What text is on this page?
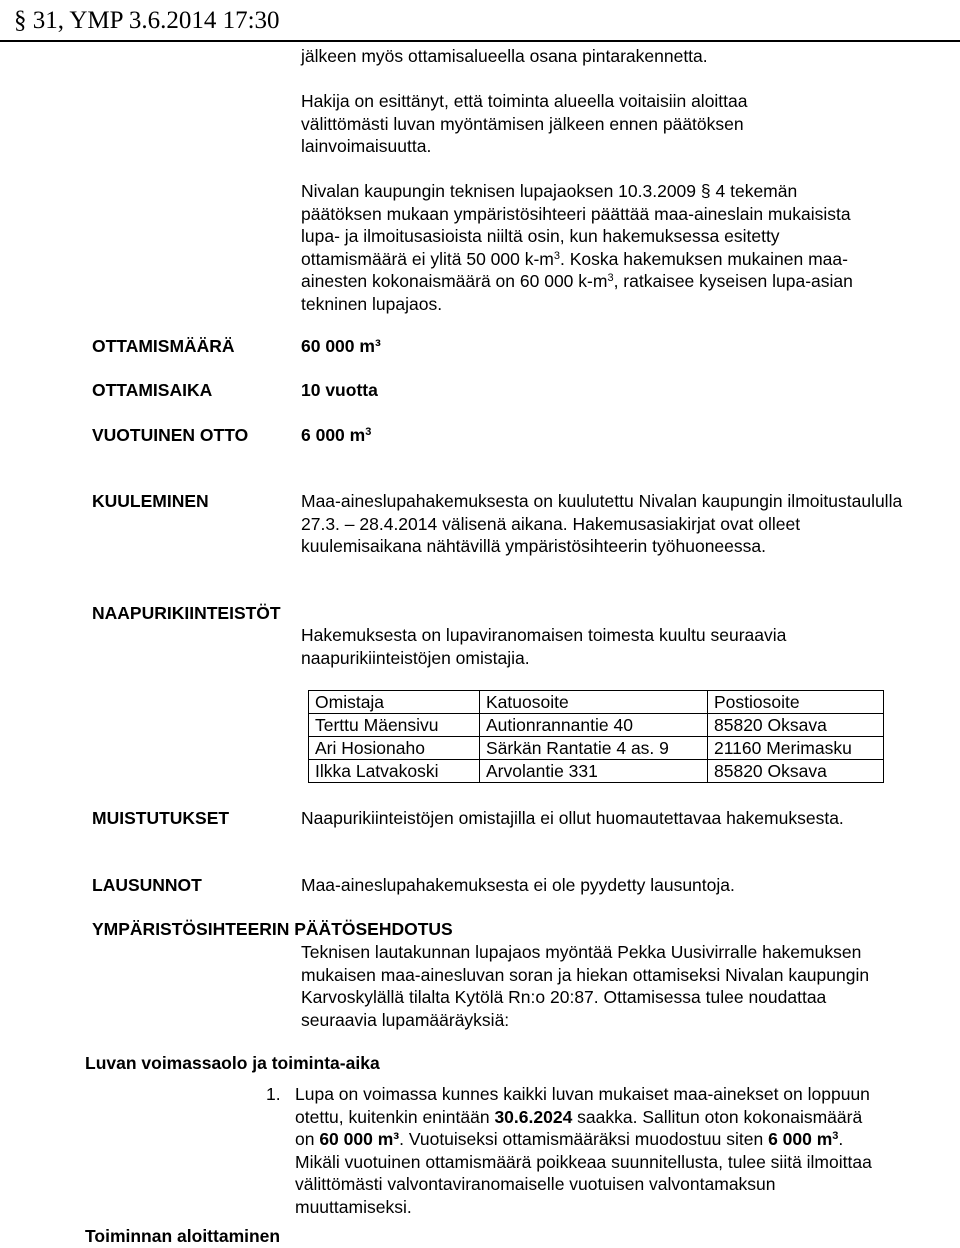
§ 31, YMP 3.6.2014 17:30
jälkeen myös ottamisalueella osana pintarakennetta.
Hakija on esittänyt, että toiminta alueella voitaisiin aloittaa välittömästi luvan myöntämisen jälkeen ennen päätöksen lainvoimaisuutta.
Nivalan kaupungin teknisen lupajaoksen 10.3.2009 § 4 tekemän päätöksen mukaan ympäristösihteeri päättää maa-aineslain mukaisista lupa- ja ilmoitusasioista niiltä osin, kun hakemuksessa esitetty ottamismäärä ei ylitä 50 000 $k-m^3$. Koska hakemuksen mukainen maa-ainesten kokonaismäärä on 60 000 $k-m^3$, ratkaisee kyseisen lupa-asian tekninen lupajaos.
OTTAMISMÄÄRÄ	60 000 m³
OTTAMISAIKA	10 vuotta
VUOTUINEN OTTO	6 000 $m^3$
KUULEMINEN	Maa-aineslupahakemuksesta on kuulutettu Nivalan kaupungin ilmoitustaululla 27.3. – 28.4.2014 välisenä aikana. Hakemusasiakirjat ovat olleet kuulemisaikana nähtävillä ympäristösihteerin työhuoneessa.
NAAPURIKIINTEISTÖT
Hakemuksesta on lupaviranomaisen toimesta kuultu seuraavia naapurikiinteistöjen omistajia.
Omistaja	Katuosoite	Postiosoite
Terttu Mäensivu	Autionrannantie 40	85820 Oksava
Ari Hosionaho	Särkän Rantatie 4 as. 9	21160 Merimasku
Ilkka Latvakoski	Arvolantie 331	85820 Oksava
MUISTUTUKSET	Naapurikiinteistöjen omistajilla ei ollut huomautettavaa hakemuksesta.
LAUSUNNOT	Maa-aineslupahakemuksesta ei ole pyydetty lausuntoja.
YMPÄRISTÖSIHTEERIN PÄÄTÖSEHDOTUS
Teknisen lautakunnan lupajaos myöntää Pekka Uusivirralle hakemuksen mukaisen maa-ainesluvan soran ja hiekan ottamiseksi Nivalan kaupungin Karvoskylällä tilalta Kytölä Rn:o 20:87. Ottamisessa tulee noudattaa seuraavia lupamääräyksiä:
Luvan voimassaolo ja toiminta-aika
1. Lupa on voimassa kunnes kaikki luvan mukaiset maa-ainekset on loppuun otettu, kuitenkin enintään 30.6.2024 saakka. Sallitun oton kokonaismäärä on 60 000 m³. Vuotuiseksi ottamismääräksi muodostuu siten 6 000 $m^3$. Mikäli vuotuinen ottamismäärä poikkeaa suunnitellusta, tulee siitä ilmoittaa välittömästi valvontaviranomaiselle vuotuisen valvontamaksun muuttamiseksi.
Toiminnan aloittaminen
